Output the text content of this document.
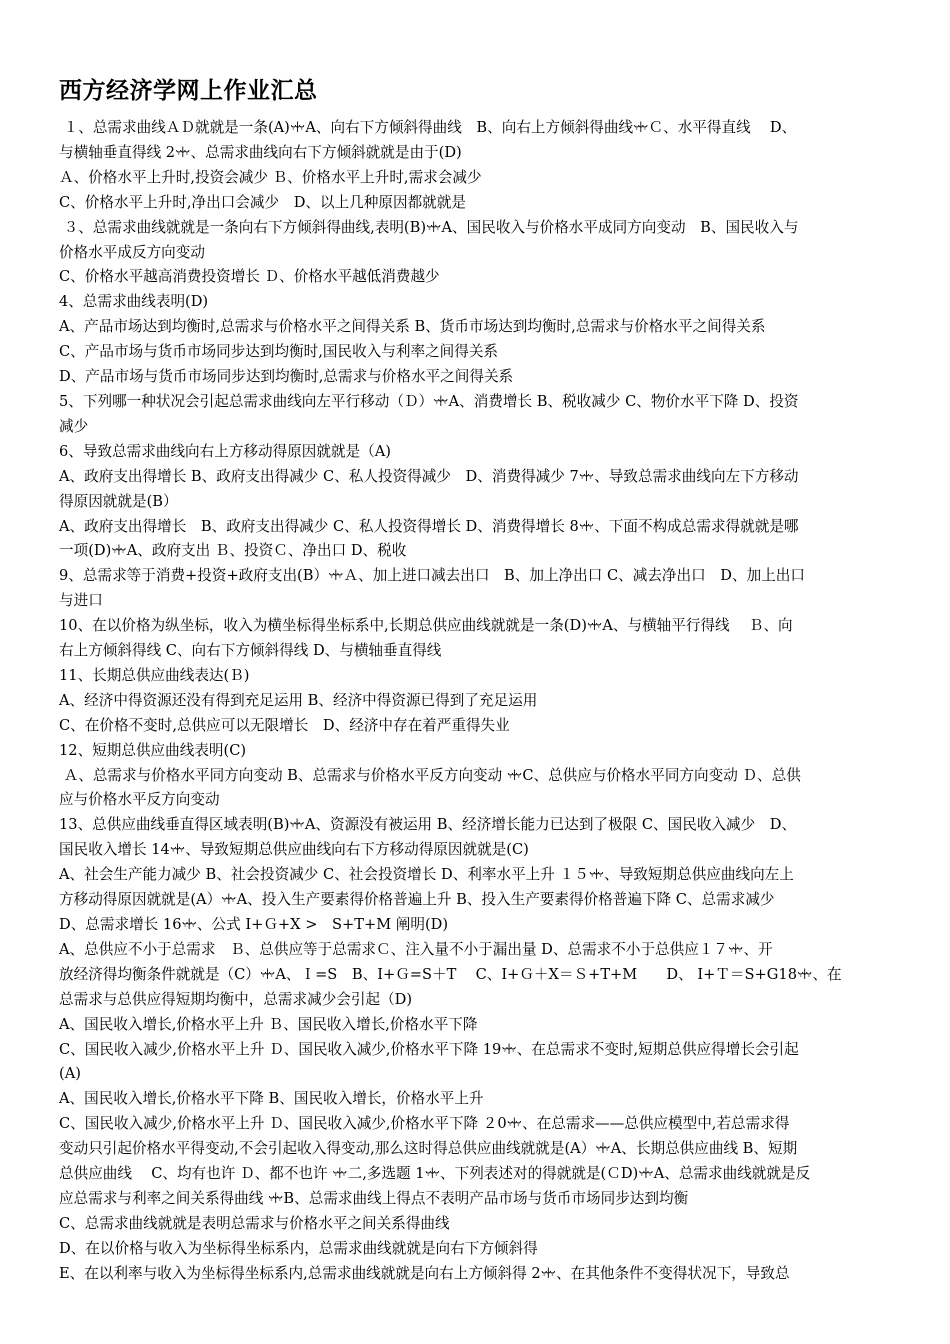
西方经济学网上作业汇总
１、总需求曲线ＡＤ就就是一条(A)ꗼA、向右下方倾斜得曲线　B、向右上方倾斜得曲线ꗼＣ、水平得直线　 D、
与横轴垂直得线 2ꗼ、总需求曲线向右下方倾斜就就是由于(D)
Ａ、价格水平上升时,投资会减少 Ｂ、价格水平上升时,需求会减少
C、价格水平上升时,净出口会减少　D、以上几种原因都就就是
３、总需求曲线就就是一条向右下方倾斜得曲线,表明(B)ꗼA、国民收入与价格水平成同方向变动　B、国民收入与
价格水平成反方向变动
C、价格水平越高消费投资增长 Ｄ、价格水平越低消费越少
4、总需求曲线表明(D)
A、产品市场达到均衡时,总需求与价格水平之间得关系 B、货币市场达到均衡时,总需求与价格水平之间得关系
C、产品市场与货币市场同步达到均衡时,国民收入与利率之间得关系
D、产品市场与货币市场同步达到均衡时,总需求与价格水平之间得关系
5、下列哪一种状况会引起总需求曲线向左平行移动（Ｄ）ꗼA、消费增长 B、税收减少 C、物价水平下降 D、投资
减少
6、导致总需求曲线向右上方移动得原因就就是（A)
A、政府支出得增长 B、政府支出得减少 C、私人投资得减少　D、消费得减少 7ꗼ、导致总需求曲线向左下方移动
得原因就就是(B）
A、政府支出得增长　B、政府支出得减少 C、私人投资得增长 D、消费得增长 8ꗼ、下面不构成总需求得就就是哪
一项(D)ꗼA、政府支出 Ｂ、投资Ｃ、净出口 D、税收
9、总需求等于消费+投资+政府支出(B）ꗼＡ、加上进口减去出口　B、加上净出口 C、减去净出口　D、加上出口
与进口
10、在以价格为纵坐标，收入为横坐标得坐标系中,长期总供应曲线就就是一条(D)ꗼA、与横轴平行得线　 Ｂ、向
右上方倾斜得线 C、向右下方倾斜得线 D、与横轴垂直得线
11、长期总供应曲线表达(Ｂ)
A、经济中得资源还没有得到充足运用 B、经济中得资源已得到了充足运用
C、在价格不变时,总供应可以无限增长　D、经济中存在着严重得失业
12、短期总供应曲线表明(C)
Ａ、总需求与价格水平同方向变动 B、总需求与价格水平反方向变动 ꗼC、总供应与价格水平同方向变动 Ｄ、总供
应与价格水平反方向变动
13、总供应曲线垂直得区域表明(B)ꗼA、资源没有被运用 B、经济增长能力已达到了极限 C、国民收入减少　D、
国民收入增长 14ꗼ、导致短期总供应曲线向右下方移动得原因就就是(C)
A、社会生产能力减少 B、社会投资减少 C、社会投资增长 D、利率水平上升 １５ꗼ、导致短期总供应曲线向左上
方移动得原因就就是(A）ꗼA、投入生产要素得价格普遍上升 B、投入生产要素得价格普遍下降 C、总需求减少
D、总需求增长 16ꗼ、公式 I+Ｇ+X >　S+T+M 阐明(D)
A、总供应不小于总需求　Ｂ、总供应等于总需求Ｃ、注入量不小于漏出量 D、总需求不小于总供应１７ꗼ、开
放经济得均衡条件就就是（C）ꗼA、Ｉ=S　B、I+Ｇ=S＋T　 C、I+Ｇ＋X＝Ｓ+T+M　　D、 I+Ｔ＝S+G18ꗼ、在
总需求与总供应得短期均衡中，总需求减少会引起（D)
A、国民收入增长,价格水平上升 Ｂ、国民收入增长,价格水平下降
C、国民收入减少,价格水平上升 Ｄ、国民收入减少,价格水平下降 19ꗼ、在总需求不变时,短期总供应得增长会引起
(A)
A、国民收入增长,价格水平下降 B、国民收入增长，价格水平上升
C、国民收入减少,价格水平上升 Ｄ、国民收入减少,价格水平下降 ２0ꗼ、在总需求——总供应模型中,若总需求得
变动只引起价格水平得变动,不会引起收入得变动,那么这时得总供应曲线就就是(A）ꗼA、长期总供应曲线 B、短期
总供应曲线　 C、均有也许 Ｄ、都不也许 ꗼ二,多选题 1ꗼ、下列表述对的得就就是(ＣD)ꗼA、总需求曲线就就是反
应总需求与利率之间关系得曲线 ꗼB、总需求曲线上得点不表明产品市场与货币市场同步达到均衡
C、总需求曲线就就是表明总需求与价格水平之间关系得曲线
D、在以价格与收入为坐标得坐标系内，总需求曲线就就是向右下方倾斜得
E、在以利率与收入为坐标得坐标系内,总需求曲线就就是向右上方倾斜得 2ꗼ、在其他条件不变得状况下，导致总
